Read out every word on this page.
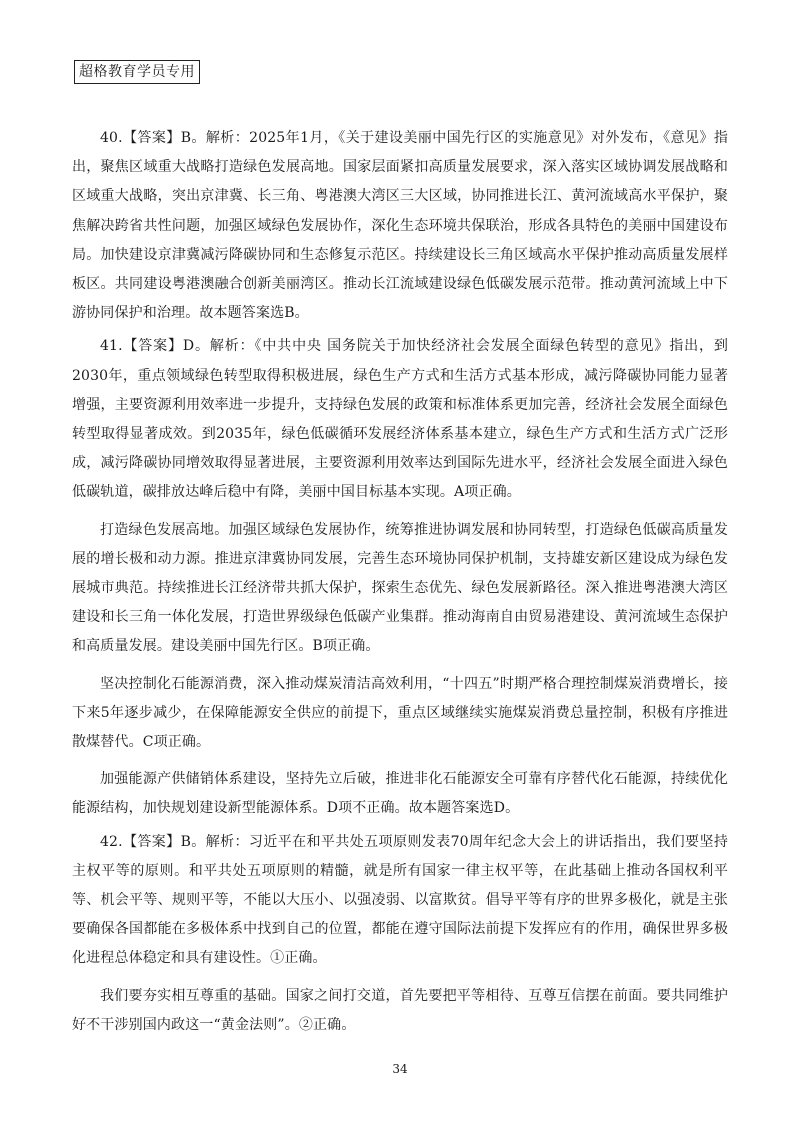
超格教育学员专用

40.【答案】B。解析：2025年1月，《关于建设美丽中国先行区的实施意见》对外发布，《意见》指出，聚焦区域重大战略打造绿色发展高地。国家层面紧扣高质量发展要求，深入落实区域协调发展战略和区域重大战略，突出京津冀、长三角、粤港澳大湾区三大区域，协同推进长江、黄河流域高水平保护，聚焦解决跨省共性问题，加强区域绿色发展协作，深化生态环境共保联治，形成各具特色的美丽中国建设布局。加快建设京津冀减污降碳协同和生态修复示范区。持续建设长三角区域高水平保护推动高质量发展样板区。共同建设粤港澳融合创新美丽湾区。推动长江流域建设绿色低碳发展示范带。推动黄河流域上中下游协同保护和治理。故本题答案选B。

41.【答案】D。解析：《中共中央 国务院关于加快经济社会发展全面绿色转型的意见》指出，到2030年，重点领域绿色转型取得积极进展，绿色生产方式和生活方式基本形成，减污降碳协同能力显著增强，主要资源利用效率进一步提升，支持绿色发展的政策和标准体系更加完善，经济社会发展全面绿色转型取得显著成效。到2035年，绿色低碳循环发展经济体系基本建立，绿色生产方式和生活方式广泛形成，减污降碳协同增效取得显著进展，主要资源利用效率达到国际先进水平，经济社会发展全面进入绿色低碳轨道，碳排放达峰后稳中有降，美丽中国目标基本实现。A项正确。

打造绿色发展高地。加强区域绿色发展协作，统筹推进协调发展和协同转型，打造绿色低碳高质量发展的增长极和动力源。推进京津冀协同发展，完善生态环境协同保护机制，支持雄安新区建设成为绿色发展城市典范。持续推进长江经济带共抓大保护，探索生态优先、绿色发展新路径。深入推进粤港澳大湾区建设和长三角一体化发展，打造世界级绿色低碳产业集群。推动海南自由贸易港建设、黄河流域生态保护和高质量发展。建设美丽中国先行区。B项正确。

坚决控制化石能源消费，深入推动煤炭清洁高效利用，“十四五”时期严格合理控制煤炭消费增长，接下来5年逐步减少，在保障能源安全供应的前提下，重点区域继续实施煤炭消费总量控制，积极有序推进散煤替代。C项正确。

加强能源产供储销体系建设，坚持先立后破，推进非化石能源安全可靠有序替代化石能源，持续优化能源结构，加快规划建设新型能源体系。D项不正确。故本题答案选D。

42.【答案】B。解析：习近平在和平共处五项原则发表70周年纪念大会上的讲话指出，我们要坚持主权平等的原则。和平共处五项原则的精髓，就是所有国家一律主权平等，在此基础上推动各国权利平等、机会平等、规则平等，不能以大压小、以强凌弱、以富欺贫。倡导平等有序的世界多极化，就是主张要确保各国都能在多极体系中找到自己的位置，都能在遵守国际法前提下发挥应有的作用，确保世界多极化进程总体稳定和具有建设性。①正确。

我们要夯实相互尊重的基础。国家之间打交道，首先要把平等相待、互尊互信摆在前面。要共同维护好不干涉别国内政这一“黄金法则”。②正确。

34
